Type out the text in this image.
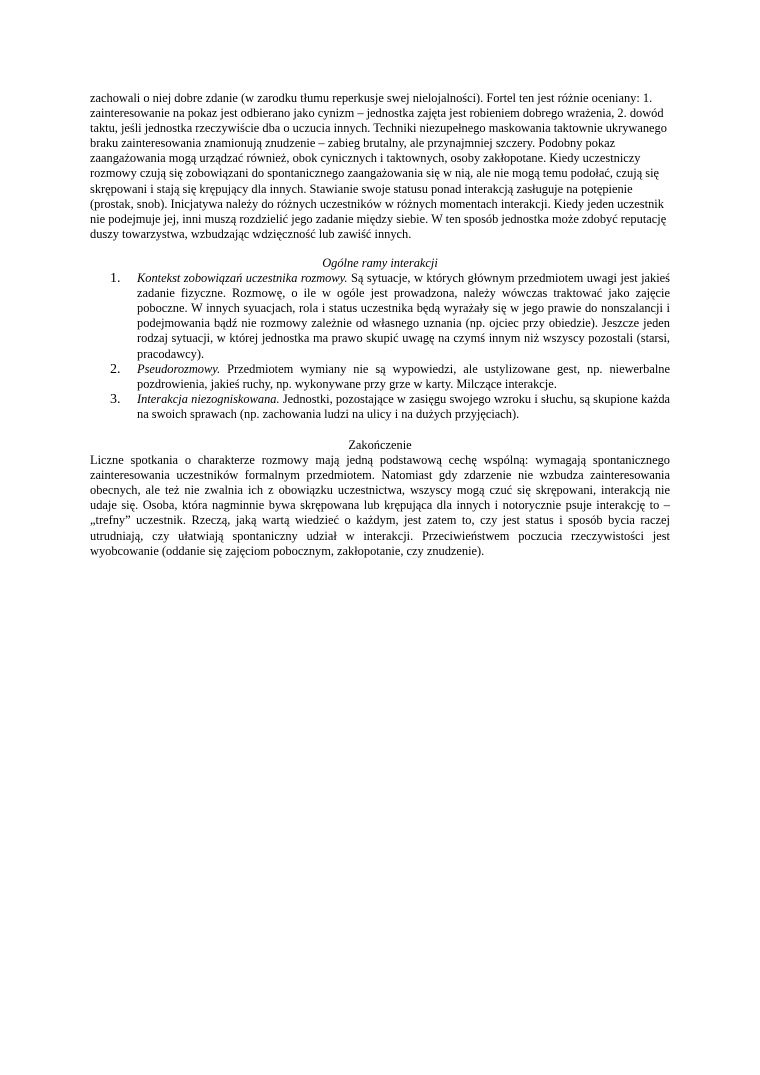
zachowali o niej dobre zdanie (w zarodku tłumu reperkusje swej nielojalności). Fortel ten jest różnie oceniany: 1. zainteresowanie na pokaz jest odbierano jako cynizm – jednostka zajęta jest robieniem dobrego wrażenia, 2. dowód taktu, jeśli jednostka rzeczywiście dba o uczucia innych. Techniki niezupełnego maskowania taktownie ukrywanego braku zainteresowania znamionują znudzenie – zabieg brutalny, ale przynajmniej szczery. Podobny pokaz zaangażowania mogą urządzać również, obok cynicznych i taktownych, osoby zakłopotane. Kiedy uczestniczy rozmowy czują się zobowiązani do spontanicznego zaangażowania się w nią, ale nie mogą temu podołać, czują się skrępowani i stają się krępujący dla innych. Stawianie swoje statusu ponad interakcją zasługuje na potępienie (prostak, snob). Inicjatywa należy do różnych uczestników w różnych momentach interakcji. Kiedy jeden uczestnik nie podejmuje jej, inni muszą rozdzielić jego zadanie między siebie. W ten sposób jednostka może zdobyć reputację duszy towarzystwa, wzbudzając wdzięczność lub zawiść innych.

Ogólne ramy interakcji
1. Kontekst zobowiązań uczestnika rozmowy. Są sytuacje, w których głównym przedmiotem uwagi jest jakieś zadanie fizyczne. Rozmowę, o ile w ogóle jest prowadzona, należy wówczas traktować jako zajęcie poboczne. W innych syuacjach, rola i status uczestnika będą wyrażały się w jego prawie do nonszalancji i podejmowania bądź nie rozmowy zależnie od własnego uznania (np. ojciec przy obiedzie). Jeszcze jeden rodzaj sytuacji, w której jednostka ma prawo skupić uwagę na czymś innym niż wszyscy pozostali (starsi, pracodawcy).
2. Pseudorozmowy. Przedmiotem wymiany nie są wypowiedzi, ale ustylizowane gest, np. niewerbalne pozdrowienia, jakieś ruchy, np. wykonywane przy grze w karty. Milczące interakcje.
3. Interakcja niezogniskowana. Jednostki, pozostające w zasięgu swojego wzroku i słuchu, są skupione każda na swoich sprawach (np. zachowania ludzi na ulicy i na dużych przyjęciach).
Zakończenie

Liczne spotkania o charakterze rozmowy mają jedną podstawową cechę wspólną: wymagają spontanicznego zainteresowania uczestników formalnym przedmiotem. Natomiast gdy zdarzenie nie wzbudza zainteresowania obecnych, ale też nie zwalnia ich z obowiązku uczestnictwa, wszyscy mogą czuć się skrępowani, interakcją nie udaje się. Osoba, która nagminnie bywa skrępowana lub krępująca dla innych i notorycznie psuje interakcję to – „trefny” uczestnik. Rzeczą, jaką wartą wiedzieć o każdym, jest zatem to, czy jest status i sposób bycia raczej utrudniają, czy ułatwiają spontaniczny udział w interakcji. Przeciwieństwem poczucia rzeczywistości jest wyobcowanie (oddanie się zajęciom pobocznym, zakłopotanie, czy znudzenie).
